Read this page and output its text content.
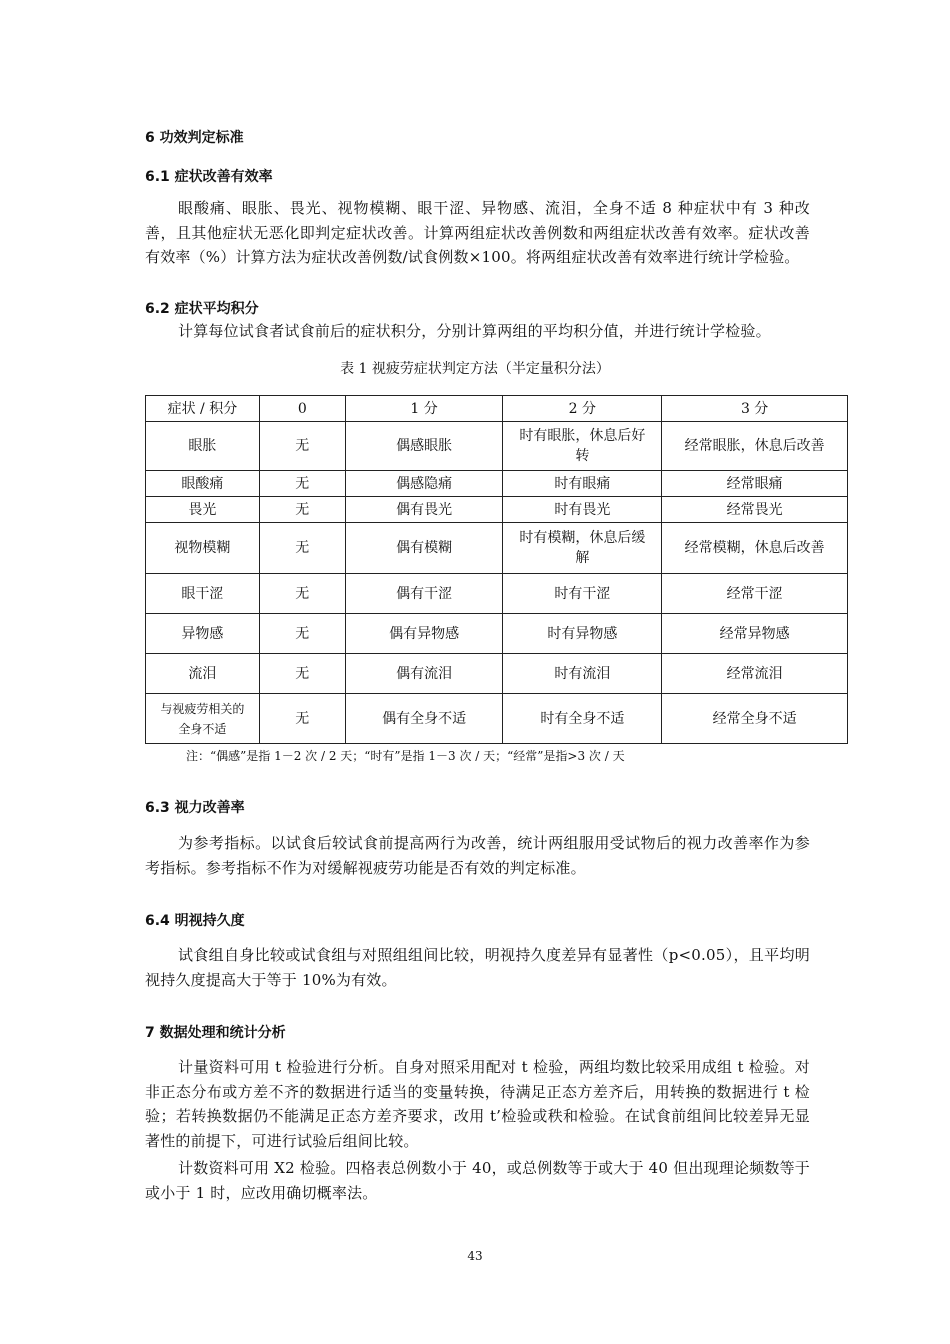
6 功效判定标准
6.1 症状改善有效率

眼酸痛、眼胀、畏光、视物模糊、眼干涩、异物感、流泪，全身不适 8 种症状中有 3 种改善，且其他症状无恶化即判定症状改善。计算两组症状改善例数和两组症状改善有效率。症状改善有效率（%）计算方法为症状改善例数/试食例数×100。将两组症状改善有效率进行统计学检验。

6.2 症状平均积分

计算每位试食者试食前后的症状积分，分别计算两组的平均积分值，并进行统计学检验。

表 1 视疲劳症状判定方法（半定量积分法）
症状 / 积分	0	1 分	2 分	3 分
眼胀	无	偶感眼胀	时有眼胀，休息后好转	经常眼胀，休息后改善
眼酸痛	无	偶感隐痛	时有眼痛	经常眼痛
畏光	无	偶有畏光	时有畏光	经常畏光
视物模糊	无	偶有模糊	时有模糊，休息后缓解	经常模糊，休息后改善
眼干涩	无	偶有干涩	时有干涩	经常干涩
异物感	无	偶有异物感	时有异物感	经常异物感
流泪	无	偶有流泪	时有流泪	经常流泪
与视疲劳相关的全身不适	无	偶有全身不适	时有全身不适	经常全身不适
注：“偶感”是指 1－2 次 / 2 天；“时有”是指 1－3 次 / 天；“经常”是指>3 次 / 天
6.3 视力改善率

为参考指标。以试食后较试食前提高两行为改善，统计两组服用受试物后的视力改善率作为参考指标。参考指标不作为对缓解视疲劳功能是否有效的判定标准。

6.4 明视持久度

试食组自身比较或试食组与对照组组间比较，明视持久度差异有显著性（p<0.05），且平均明视持久度提高大于等于 10%为有效。

7 数据处理和统计分析

计量资料可用 t 检验进行分析。自身对照采用配对 t 检验，两组均数比较采用成组 t 检验。对非正态分布或方差不齐的数据进行适当的变量转换，待满足正态方差齐后，用转换的数据进行 t 检验；若转换数据仍不能满足正态方差齐要求，改用 t’检验或秩和检验。在试食前组间比较差异无显著性的前提下，可进行试验后组间比较。

计数资料可用 X2 检验。四格表总例数小于 40，或总例数等于或大于 40 但出现理论频数等于或小于 1 时，应改用确切概率法。

43
